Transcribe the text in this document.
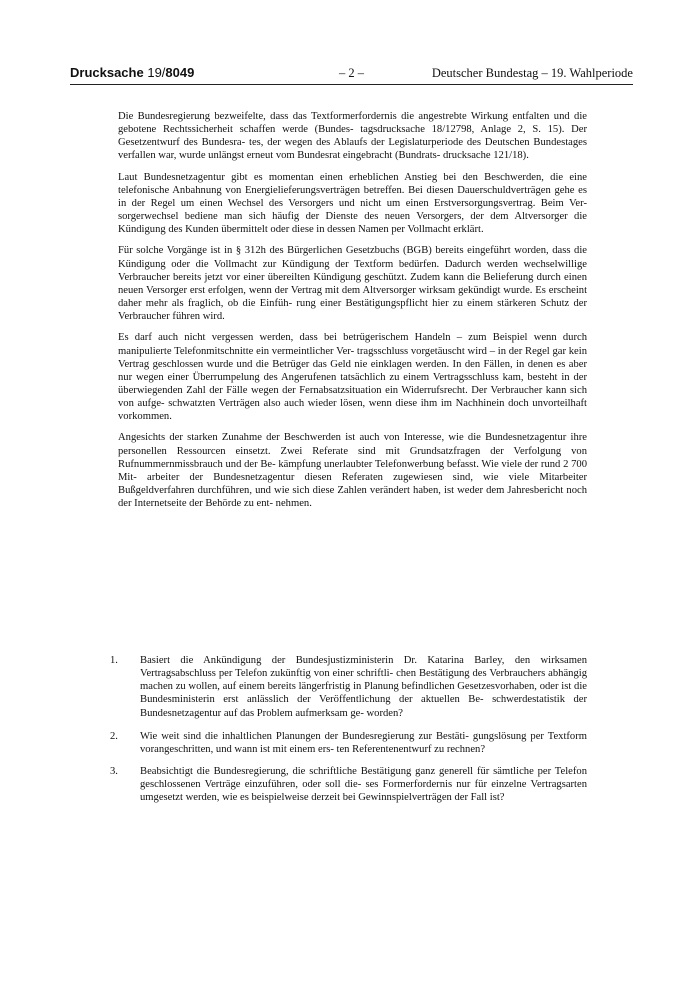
Drucksache 19/8049	– 2 –	Deutscher Bundestag – 19. Wahlperiode

Die Bundesregierung bezweifelte, dass das Textformerfordernis die angestrebte Wirkung entfalten und die gebotene Rechtssicherheit schaffen werde (Bundes- tagsdrucksache 18/12798, Anlage 2, S. 15). Der Gesetzentwurf des Bundesra- tes, der wegen des Ablaufs der Legislaturperiode des Deutschen Bundestages verfallen war, wurde unlängst erneut vom Bundesrat eingebracht (Bundrats- drucksache 121/18).

Laut Bundesnetzagentur gibt es momentan einen erheblichen Anstieg bei den Beschwerden, die eine telefonische Anbahnung von Energielieferungsverträgen betreffen. Bei diesen Dauerschuldverträgen gehe es in der Regel um einen Wechsel des Versorgers und nicht um einen Erstversorgungsvertrag. Beim Ver- sorgerwechsel bediene man sich häufig der Dienste des neuen Versorgers, der dem Altversorger die Kündigung des Kunden übermittelt oder diese in dessen Namen per Vollmacht erklärt.

Für solche Vorgänge ist in § 312h des Bürgerlichen Gesetzbuchs (BGB) bereits eingeführt worden, dass die Kündigung oder die Vollmacht zur Kündigung der Textform bedürfen. Dadurch werden wechselwillige Verbraucher bereits jetzt vor einer übereilten Kündigung geschützt. Zudem kann die Belieferung durch einen neuen Versorger erst erfolgen, wenn der Vertrag mit dem Altversorger wirksam gekündigt wurde. Es erscheint daher mehr als fraglich, ob die Einfüh- rung einer Bestätigungspflicht hier zu einem stärkeren Schutz der Verbraucher führen wird.

Es darf auch nicht vergessen werden, dass bei betrügerischem Handeln – zum Beispiel wenn durch manipulierte Telefonmitschnitte ein vermeintlicher Ver- tragsschluss vorgetäuscht wird – in der Regel gar kein Vertrag geschlossen wurde und die Betrüger das Geld nie einklagen werden. In den Fällen, in denen es aber nur wegen einer Überrumpelung des Angerufenen tatsächlich zu einem Vertragsschluss kam, besteht in der überwiegenden Zahl der Fälle wegen der Fernabsatzsituation ein Widerrufsrecht. Der Verbraucher kann sich von aufge- schwatzten Verträgen also auch wieder lösen, wenn diese ihm im Nachhinein doch unvorteilhaft vorkommen.

Angesichts der starken Zunahme der Beschwerden ist auch von Interesse, wie die Bundesnetzagentur ihre personellen Ressourcen einsetzt. Zwei Referate sind mit Grundsatzfragen der Verfolgung von Rufnummernmissbrauch und der Be- kämpfung unerlaubter Telefonwerbung befasst. Wie viele der rund 2 700 Mit- arbeiter der Bundesnetzagentur diesen Referaten zugewiesen sind, wie viele Mitarbeiter Bußgeldverfahren durchführen, und wie sich diese Zahlen verändert haben, ist weder dem Jahresbericht noch der Internetseite der Behörde zu ent- nehmen.

1. Basiert die Ankündigung der Bundesjustizministerin Dr. Katarina Barley, den wirksamen Vertragsabschluss per Telefon zukünftig von einer schriftli- chen Bestätigung des Verbrauchers abhängig machen zu wollen, auf einem bereits längerfristig in Planung befindlichen Gesetzesvorhaben, oder ist die Bundesministerin erst anlässlich der Veröffentlichung der aktuellen Be- schwerdestatistik der Bundesnetzagentur auf das Problem aufmerksam ge- worden?
2. Wie weit sind die inhaltlichen Planungen der Bundesregierung zur Bestäti- gungslösung per Textform vorangeschritten, und wann ist mit einem ers- ten Referentenentwurf zu rechnen?
3. Beabsichtigt die Bundesregierung, die schriftliche Bestätigung ganz generell für sämtliche per Telefon geschlossenen Verträge einzuführen, oder soll die- ses Formerfordernis nur für einzelne Vertragsarten umgesetzt werden, wie es beispielweise derzeit bei Gewinnspielverträgen der Fall ist?
